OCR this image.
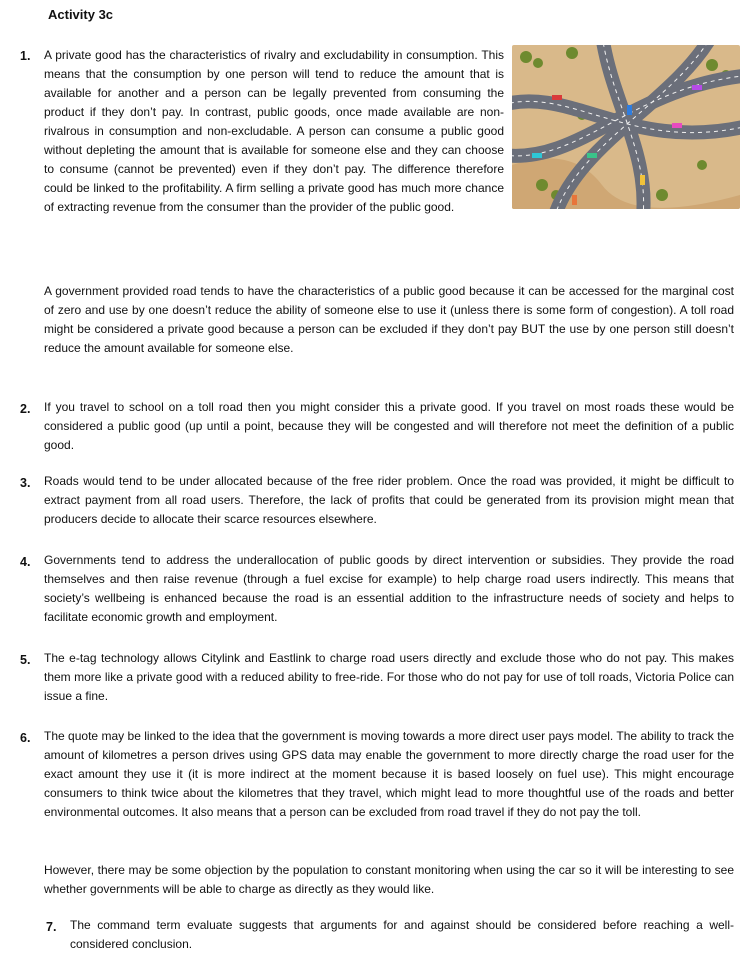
Activity 3c
1. A private good has the characteristics of rivalry and excludability in consumption. This means that the consumption by one person will tend to reduce the amount that is available for another and a person can be legally prevented from consuming the product if they don’t pay. In contrast, public goods, once made available are non-rivalrous in consumption and non-excludable. A person can consume a public good without depleting the amount that is available for someone else and they can choose to consume (cannot be prevented) even if they don’t pay. The difference therefore could be linked to the profitability. A firm selling a private good has much more chance of extracting revenue from the consumer than the provider of the public good.
A government provided road tends to have the characteristics of a public good because it can be accessed for the marginal cost of zero and use by one doesn’t reduce the ability of someone else to use it (unless there is some form of congestion). A toll road might be considered a private good because a person can be excluded if they don’t pay BUT the use by one person still doesn’t reduce the amount available for someone else.
2. If you travel to school on a toll road then you might consider this a private good. If you travel on most roads these would be considered a public good (up until a point, because they will be congested and will therefore not meet the definition of a public good.
3. Roads would tend to be under allocated because of the free rider problem. Once the road was provided, it might be difficult to extract payment from all road users. Therefore, the lack of profits that could be generated from its provision might mean that producers decide to allocate their scarce resources elsewhere.
4. Governments tend to address the underallocation of public goods by direct intervention or subsidies. They provide the road themselves and then raise revenue (through a fuel excise for example) to help charge road users indirectly. This means that society’s wellbeing is enhanced because the road is an essential addition to the infrastructure needs of society and helps to facilitate economic growth and employment.
5. The e-tag technology allows Citylink and Eastlink to charge road users directly and exclude those who do not pay. This makes them more like a private good with a reduced ability to free-ride. For those who do not pay for use of toll roads, Victoria Police can issue a fine.
6. The quote may be linked to the idea that the government is moving towards a more direct user pays model. The ability to track the amount of kilometres a person drives using GPS data may enable the government to more directly charge the road user for the exact amount they use it (it is more indirect at the moment because it is based loosely on fuel use). This might encourage consumers to think twice about the kilometres that they travel, which might lead to more thoughtful use of the roads and better environmental outcomes. It also means that a person can be excluded from road travel if they do not pay the toll.
However, there may be some objection by the population to constant monitoring when using the car so it will be interesting to see whether governments will be able to charge as directly as they would like.
7. The command term evaluate suggests that arguments for and against should be considered before reaching a well-considered conclusion.
